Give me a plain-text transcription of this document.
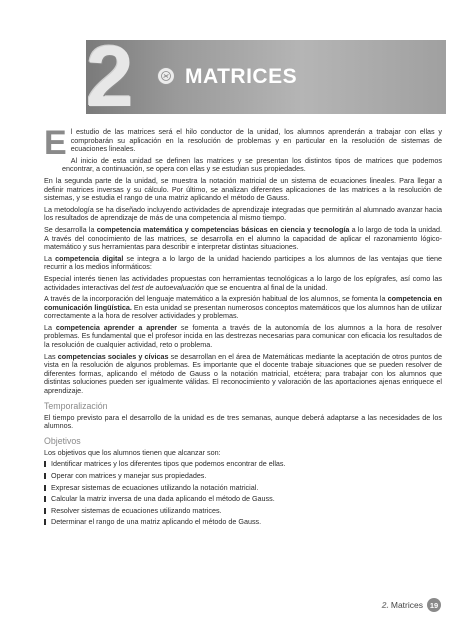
2	MATRICES

El estudio de las matrices será el hilo conductor de la unidad, los alumnos aprenderán a trabajar con ellas y comprobarán su aplicación en la resolución de problemas y en particular en la resolución de sistemas de ecuaciones lineales.

Al inicio de esta unidad se definen las matrices y se presentan los distintos tipos de matrices que podemos encontrar, a continuación, se opera con ellas y se estudian sus propiedades.

En la segunda parte de la unidad, se muestra la notación matricial de un sistema de ecuaciones lineales. Para llegar a definir matrices inversas y su cálculo. Por último, se analizan diferentes aplicaciones de las matrices a la resolución de sistemas, y se estudia el rango de una matriz aplicando el método de Gauss.

La metodología se ha diseñado incluyendo actividades de aprendizaje integradas que permitirán al alumnado avanzar hacia los resultados de aprendizaje de más de una competencia al mismo tiempo.

Se desarrolla la competencia matemática y competencias básicas en ciencia y tecnología a lo largo de toda la unidad. A través del conocimiento de las matrices, se desarrolla en el alumno la capacidad de aplicar el razonamiento lógico-matemático y sus herramientas para describir e interpretar distintas situaciones.

La competencia digital se integra a lo largo de la unidad haciendo participes a los alumnos de las ventajas que tiene recurrir a los medios informáticos:

Especial interés tienen las actividades propuestas con herramientas tecnológicas a lo largo de los epígrafes, así como las actividades interactivas del test de autoevaluación que se encuentra al final de la unidad.

A través de la incorporación del lenguaje matemático a la expresión habitual de los alumnos, se fomenta la competencia en comunicación lingüística. En esta unidad se presentan numerosos conceptos matemáticos que los alumnos han de utilizar correctamente a la hora de resolver actividades y problemas.

La competencia aprender a aprender se fomenta a través de la autonomía de los alumnos a la hora de resolver problemas. Es fundamental que el profesor incida en las destrezas necesarias para comunicar con eficacia los resultados de la resolución de cualquier actividad, reto o problema.

Las competencias sociales y cívicas se desarrollan en el área de Matemáticas mediante la aceptación de otros puntos de vista en la resolución de algunos problemas. Es importante que el docente trabaje situaciones que se pueden resolver de diferentes formas, aplicando el método de Gauss o la notación matricial, etcétera; para trabajar con los alumnos que distintas soluciones pueden ser igualmente válidas. El reconocimiento y valoración de las aportaciones ajenas enriquece el aprendizaje.

Temporalización

El tiempo previsto para el desarrollo de la unidad es de tres semanas, aunque deberá adaptarse a las necesidades de los alumnos.

Objetivos

Los objetivos que los alumnos tienen que alcanzar son:

Identificar matrices y los diferentes tipos que podemos encontrar de ellas.
Operar con matrices y manejar sus propiedades.
Expresar sistemas de ecuaciones utilizando la notación matricial.
Calcular la matriz inversa de una dada aplicando el método de Gauss.
Resolver sistemas de ecuaciones utilizando matrices.
Determinar el rango de una matriz aplicando el método de Gauss.
2. Matrices 19
